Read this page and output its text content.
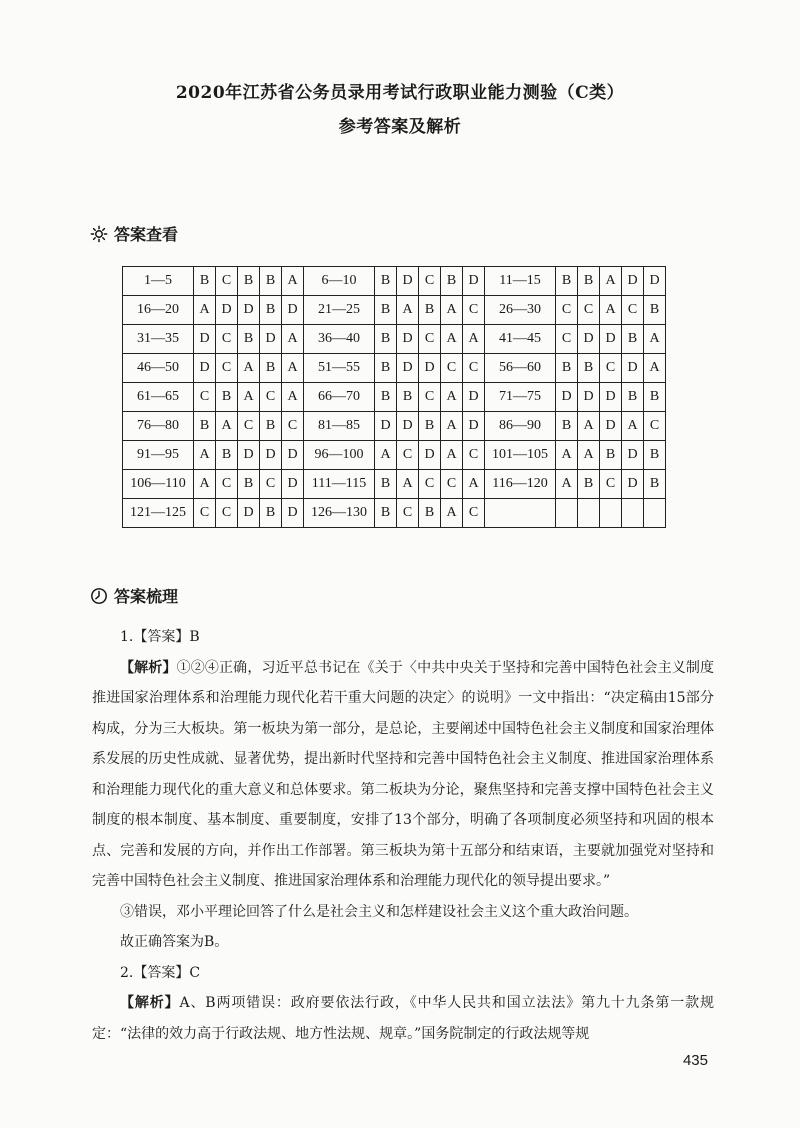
2020年江苏省公务员录用考试行政职业能力测验（C类）
参考答案及解析
答案查看
1—5	B	C	B	B	A	6—10	B	D	C	B	D	11—15	B	B	A	D	D
16—20	A	D	D	B	D	21—25	B	A	B	A	C	26—30	C	C	A	C	B
31—35	D	C	B	D	A	36—40	B	D	C	A	A	41—45	C	D	D	B	A
46—50	D	C	A	B	A	51—55	B	D	D	C	C	56—60	B	B	C	D	A
61—65	C	B	A	C	A	66—70	B	B	C	A	D	71—75	D	D	D	B	B
76—80	B	A	C	B	C	81—85	D	D	B	A	D	86—90	B	A	D	A	C
91—95	A	B	D	D	D	96—100	A	C	D	A	C	101—105	A	A	B	D	B
106—110	A	C	B	C	D	111—115	B	A	C	C	A	116—120	A	B	C	D	B
121—125	C	C	D	B	D	126—130	B	C	B	A	C						
答案梳理

1.【答案】B

【解析】①②④正确，习近平总书记在《关于〈中共中央关于坚持和完善中国特色社会主义制度 推进国家治理体系和治理能力现代化若干重大问题的决定〉的说明》一文中指出：“决定稿由15部分构成，分为三大板块。第一板块为第一部分，是总论，主要阐述中国特色社会主义制度和国家治理体系发展的历史性成就、显著优势，提出新时代坚持和完善中国特色社会主义制度、推进国家治理体系和治理能力现代化的重大意义和总体要求。第二板块为分论，聚焦坚持和完善支撑中国特色社会主义制度的根本制度、基本制度、重要制度，安排了13个部分，明确了各项制度必须坚持和巩固的根本点、完善和发展的方向，并作出工作部署。第三板块为第十五部分和结束语，主要就加强党对坚持和完善中国特色社会主义制度、推进国家治理体系和治理能力现代化的领导提出要求。”

③错误，邓小平理论回答了什么是社会主义和怎样建设社会主义这个重大政治问题。

故正确答案为B。

2.【答案】C

【解析】A、B两项错误：政府要依法行政，《中华人民共和国立法法》第九十九条第一款规定：“法律的效力高于行政法规、地方性法规、规章。”国务院制定的行政法规等规

435
